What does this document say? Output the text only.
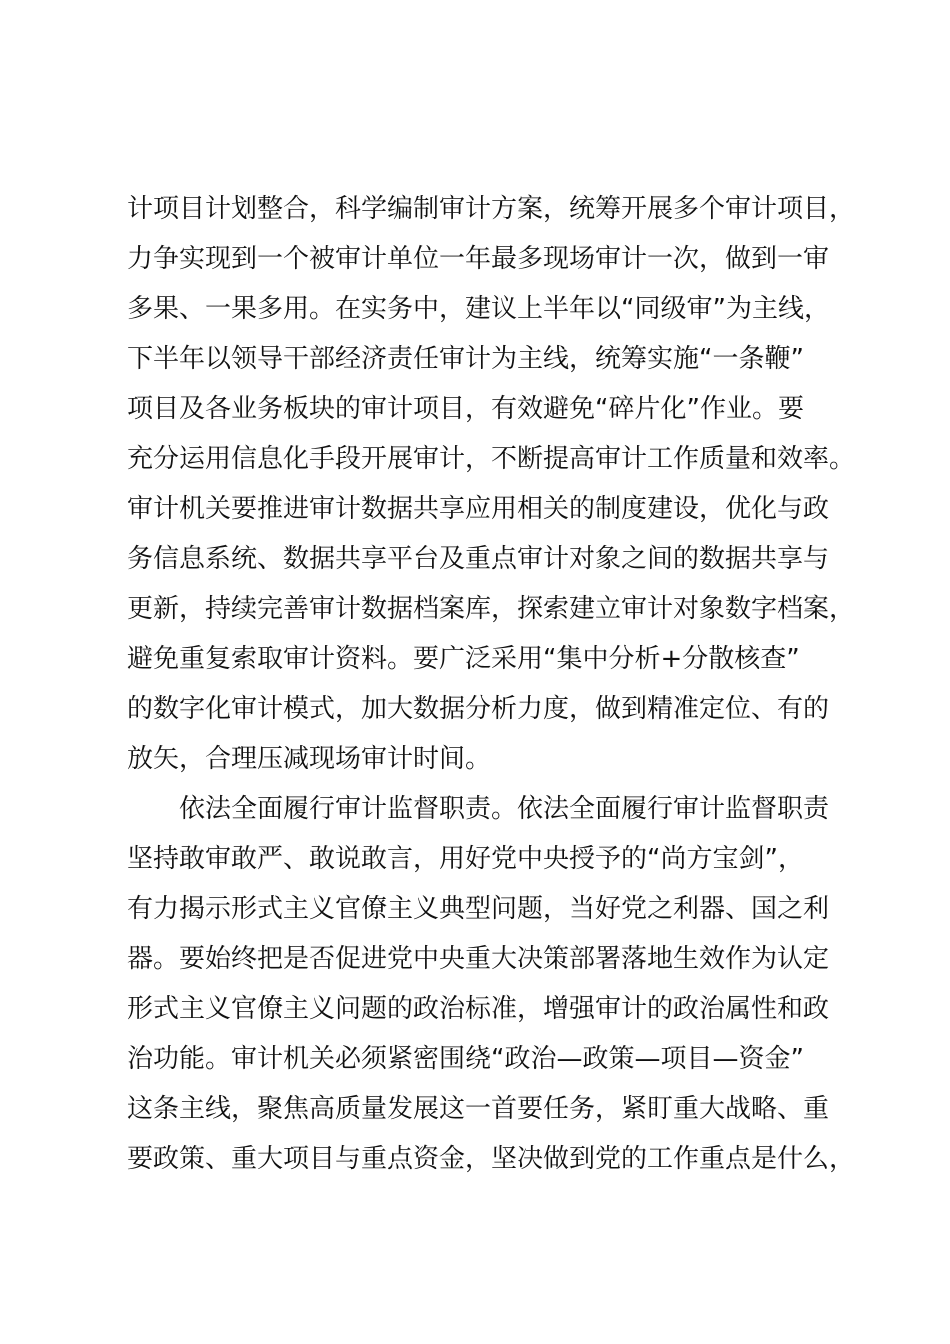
计项目计划整合，科学编制审计方案，统筹开展多个审计项目，
力争实现到一个被审计单位一年最多现场审计一次，做到一审
多果、一果多用。在实务中，建议上半年以“同级审”为主线，
下半年以领导干部经济责任审计为主线，统筹实施“一条鞭”
项目及各业务板块的审计项目，有效避免“碎片化”作业。要
充分运用信息化手段开展审计，不断提高审计工作质量和效率。
审计机关要推进审计数据共享应用相关的制度建设，优化与政
务信息系统、数据共享平台及重点审计对象之间的数据共享与
更新，持续完善审计数据档案库，探索建立审计对象数字档案，
避免重复索取审计资料。要广泛采用“集中分析+分散核查”
的数字化审计模式，加大数据分析力度，做到精准定位、有的
放矢，合理压减现场审计时间。
依法全面履行审计监督职责。依法全面履行审计监督职责
坚持敢审敢严、敢说敢言，用好党中央授予的“尚方宝剑”，
有力揭示形式主义官僚主义典型问题，当好党之利器、国之利
器。要始终把是否促进党中央重大决策部署落地生效作为认定
形式主义官僚主义问题的政治标准，增强审计的政治属性和政
治功能。审计机关必须紧密围绕“政治—政策—项目—资金”
这条主线，聚焦高质量发展这一首要任务，紧盯重大战略、重
要政策、重大项目与重点资金，坚决做到党的工作重点是什么，
